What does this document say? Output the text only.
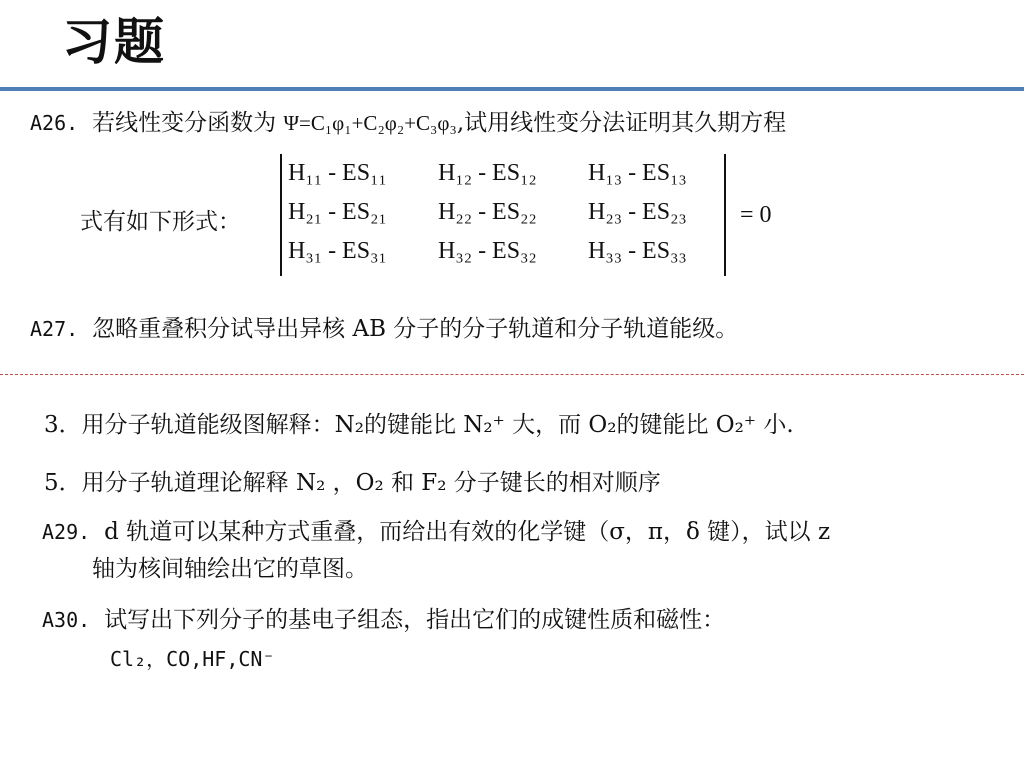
习题
A26. 若线性变分函数为 Ψ=C₁φ₁+C₂φ₂+C₃φ₃,试用线性变分法证明其久期方程
式有如下形式：
H₁₁ - ES₁₁	H₁₂ - ES₁₂	H₁₃ - ES₁₃
H₂₁ - ES₂₁	H₂₂ - ES₂₂	H₂₃ - ES₂₃
H₃₁ - ES₃₁	H₃₂ - ES₃₂	H₃₃ - ES₃₃
= 0
A27. 忽略重叠积分试导出异核 AB 分子的分子轨道和分子轨道能级。
3．用分子轨道能级图解释：N₂的键能比 N₂⁺ 大，而 O₂的键能比 O₂⁺ 小.
5．用分子轨道理论解释 N₂ ，O₂ 和 F₂ 分子键长的相对顺序
A29. d 轨道可以某种方式重叠，而给出有效的化学键（σ，π，δ 键），试以 z
轴为核间轴绘出它的草图。
A30. 试写出下列分子的基电子组态，指出它们的成键性质和磁性：
Cl₂，CO,HF,CN⁻
